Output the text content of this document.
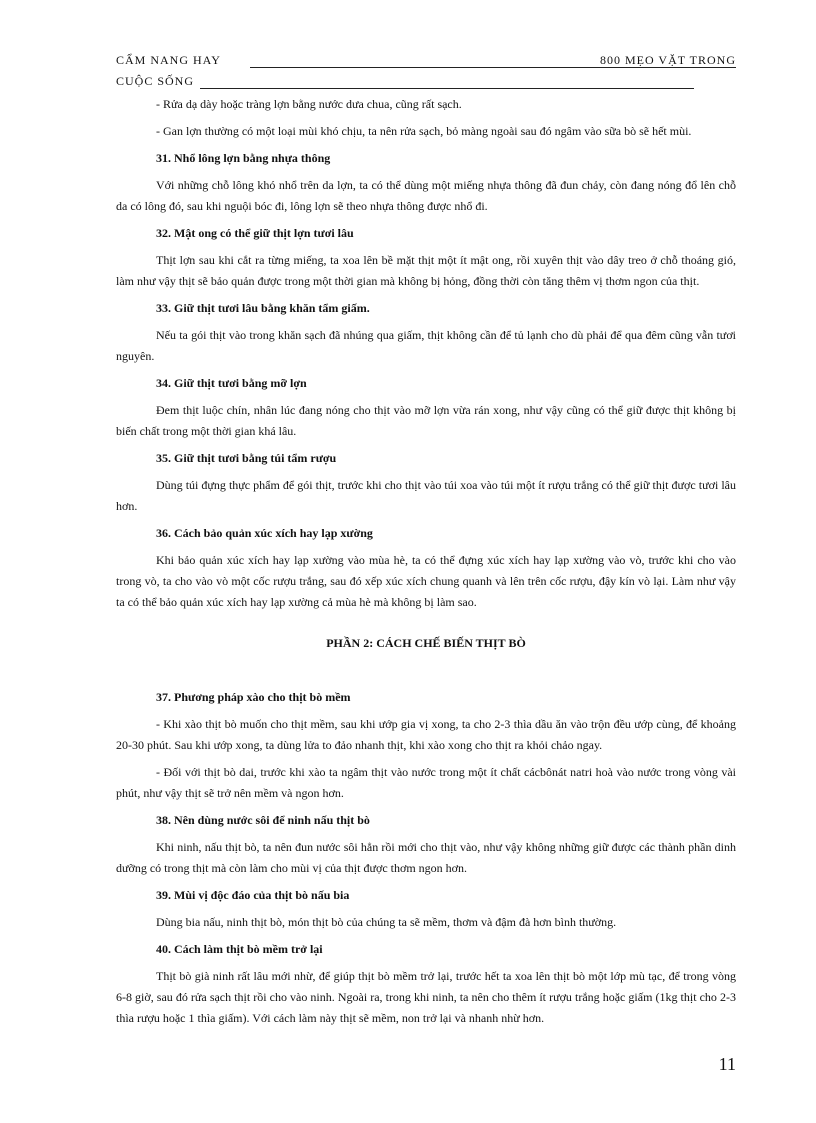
CẨM NANG HAY	800 MẸO VẶT TRONG
CUỘC SỐNG

- Rửa dạ dày hoặc tràng lợn bằng nước dưa chua, cũng rất sạch.

- Gan lợn thường có một loại mùi khó chịu, ta nên rửa sạch, bỏ màng ngoài sau đó ngâm vào sữa bò sẽ hết mùi.

31. Nhổ lông lợn bằng nhựa thông

Với những chỗ lông khó nhổ trên da lợn, ta có thể dùng một miếng nhựa thông đã đun chảy, còn đang nóng đổ lên chỗ da có lông đó, sau khi nguội bóc đi, lông lợn sẽ theo nhựa thông được nhổ đi.

32. Mật ong có thể giữ thịt lợn tươi lâu

Thịt lợn sau khi cắt ra từng miếng, ta xoa lên bề mặt thịt một ít mật ong, rồi xuyên thịt vào dây treo ở chỗ thoáng gió, làm như vậy thịt sẽ bảo quản được trong một thời gian mà không bị hỏng, đồng thời còn tăng thêm vị thơm ngon của thịt.

33. Giữ thịt tươi lâu bằng khăn tẩm giấm.

Nếu ta gói thịt vào trong khăn sạch đã nhúng qua giấm, thịt không cần để tủ lạnh cho dù phải để qua đêm cũng vẫn tươi nguyên.

34. Giữ thịt tươi bằng mỡ lợn

Đem thịt luộc chín, nhân lúc đang nóng cho thịt vào mỡ lợn vừa rán xong, như vậy cũng có thể giữ được thịt không bị biến chất trong một thời gian khá lâu.

35. Giữ thịt tươi bằng túi tẩm rượu

Dùng túi đựng thực phẩm để gói thịt, trước khi cho thịt vào túi xoa vào túi một ít rượu trắng có thể giữ thịt được tươi lâu hơn.

36. Cách bảo quản xúc xích hay lạp xường

Khi bảo quản xúc xích hay lạp xường vào mùa hè, ta có thể đựng xúc xích hay lạp xường vào vò, trước khi cho vào trong vò, ta cho vào vò một cốc rượu trắng, sau đó xếp xúc xích chung quanh và lên trên cốc rượu, đậy kín vò lại. Làm như vậy ta có thể bảo quản xúc xích hay lạp xường cả mùa hè mà không bị làm sao.

PHẦN 2: CÁCH CHẾ BIẾN THỊT BÒ

37. Phương pháp xào cho thịt bò mềm

- Khi xào thịt bò muốn cho thịt mềm, sau khi ướp gia vị xong, ta cho 2-3 thìa dầu ăn vào trộn đều ướp cùng, để khoảng 20-30 phút. Sau khi ướp xong, ta dùng lửa to đảo nhanh thịt, khi xào xong cho thịt ra khỏi chảo ngay.

- Đối với thịt bò dai, trước khi xào ta ngâm thịt vào nước trong một ít chất cácbônát natri hoà vào nước trong vòng vài phút, như vậy thịt sẽ trở nên mềm và ngon hơn.

38. Nên dùng nước sôi để ninh nấu thịt bò

Khi ninh, nấu thịt bò, ta nên đun nước sôi hẳn rồi mới cho thịt vào, như vậy không những giữ được các thành phần dinh dưỡng có trong thịt mà còn làm cho mùi vị của thịt được thơm ngon hơn.

39. Mùi vị độc đáo của thịt bò nấu bia

Dùng bia nấu, ninh thịt bò, món thịt bò của chúng ta sẽ mềm, thơm và đậm đà hơn bình thường.

40. Cách làm thịt bò mềm trở lại

Thịt bò già ninh rất lâu mới nhừ, để giúp thịt bò mềm trở lại, trước hết ta xoa lên thịt bò một lớp mù tạc, để trong vòng 6-8 giờ, sau đó rửa sạch thịt rồi cho vào ninh. Ngoài ra, trong khi ninh, ta nên cho thêm ít rượu trắng hoặc giấm (1kg thịt cho 2-3 thìa rượu hoặc 1 thìa giấm). Với cách làm này thịt sẽ mềm, non trở lại và nhanh nhừ hơn.

11
